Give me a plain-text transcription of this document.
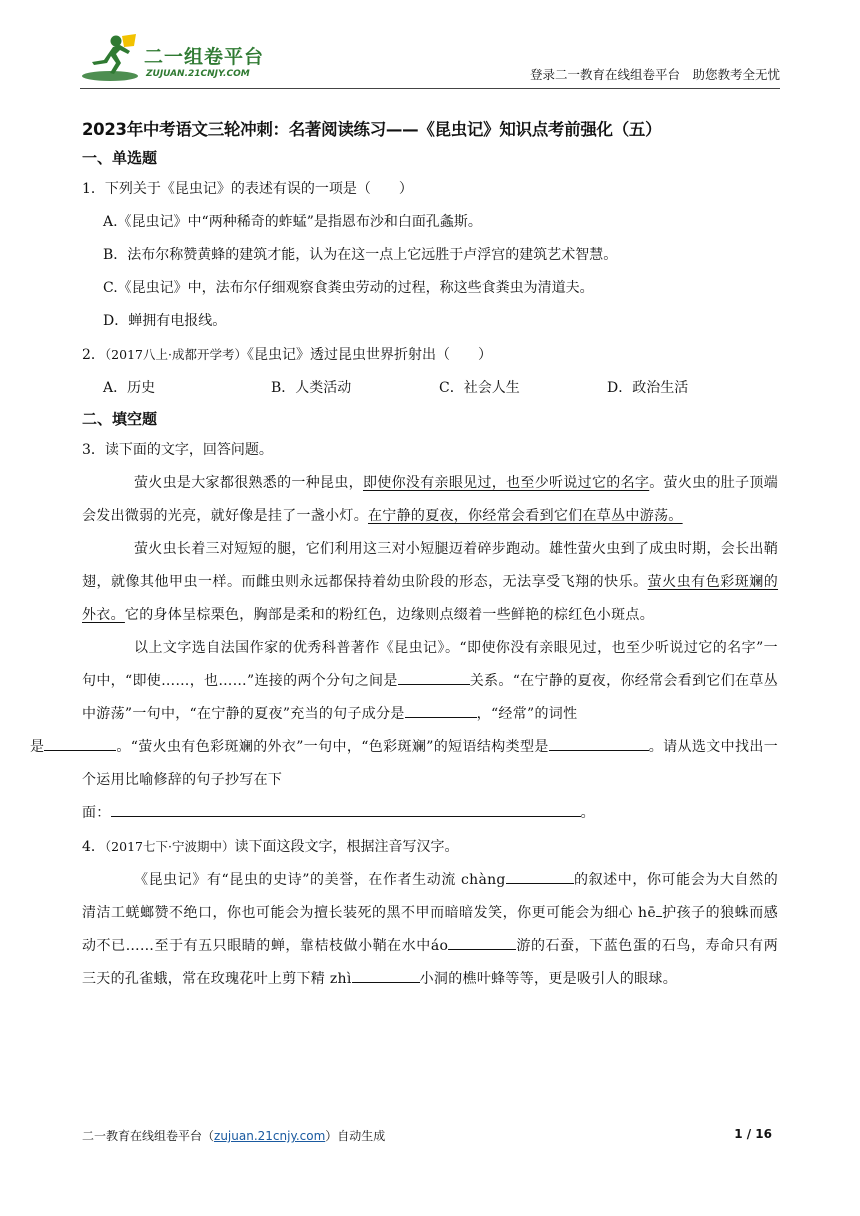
二一组卷平台
ZUJUAN.21CNJY.COM	登录二一教育在线组卷平台　助您教考全无忧
2023年中考语文三轮冲刺：名著阅读练习——《昆虫记》知识点考前强化（五）
一、单选题

1．下列关于《昆虫记》的表述有误的一项是（　　）

A.《昆虫记》中“两种稀奇的蚱蜢”是指恩布沙和白面孔螽斯。

B．法布尔称赞黄蜂的建筑才能，认为在这一点上它远胜于卢浮宫的建筑艺术智慧。

C.《昆虫记》中，法布尔仔细观察食粪虫劳动的过程，称这些食粪虫为清道夫。

D．蝉拥有电报线。

2．（2017八上·成都开学考）《昆虫记》透过昆虫世界折射出（　　）

A．历史	B．人类活动	C．社会人生	D．政治生活
二、填空题

3．读下面的文字，回答问题。

萤火虫是大家都很熟悉的一种昆虫，即使你没有亲眼见过，也至少听说过它的名字。萤火虫的肚子顶端会发出微弱的光亮，就好像是挂了一盏小灯。在宁静的夏夜，你经常会看到它们在草丛中游荡。

萤火虫长着三对短短的腿，它们利用这三对小短腿迈着碎步跑动。雄性萤火虫到了成虫时期，会长出鞘翅，就像其他甲虫一样。而雌虫则永远都保持着幼虫阶段的形态，无法享受飞翔的快乐。萤火虫有色彩斑斓的外衣。它的身体呈棕栗色，胸部是柔和的粉红色，边缘则点缀着一些鲜艳的棕红色小斑点。

以上文字选自法国作家的优秀科普著作《昆虫记》。“即使你没有亲眼见过，也至少听说过它的名字”一句中，“即使……，也……”连接的两个分句之间是	关系。“在宁静的夏夜，你经常会看到它们在草丛中游荡”一句中，“在宁静的夏夜”充当的句子成分是	，“经常”的词性
是	。“萤火虫有色彩斑斓的外衣”一句中，“色彩斑斓”的短语结构类型是	。请从选文中找出一个运用比喻修辞的句子抄写在下

面：	。

4．（2017七下·宁波期中）读下面这段文字，根据注音写汉字。

《昆虫记》有“昆虫的史诗”的美誉，在作者生动流 chàng	的叙述中，你可能会为大自然的清洁工蜣螂赞不绝口，你也可能会为擅长装死的黑不甲而暗暗发笑，你更可能会为细心 hē 护孩子的狼蛛而感动不已……至于有五只眼睛的蝉，靠桔枝做小鞘在水中áo	游的石蚕，下蓝色蛋的石鸟，寿命只有两三天的孔雀蛾，常在玫瑰花叶上剪下精 zhì	小洞的樵叶蜂等等，更是吸引人的眼球。

二一教育在线组卷平台（zujuan.21cnjy.com）自动生成	1 / 16
